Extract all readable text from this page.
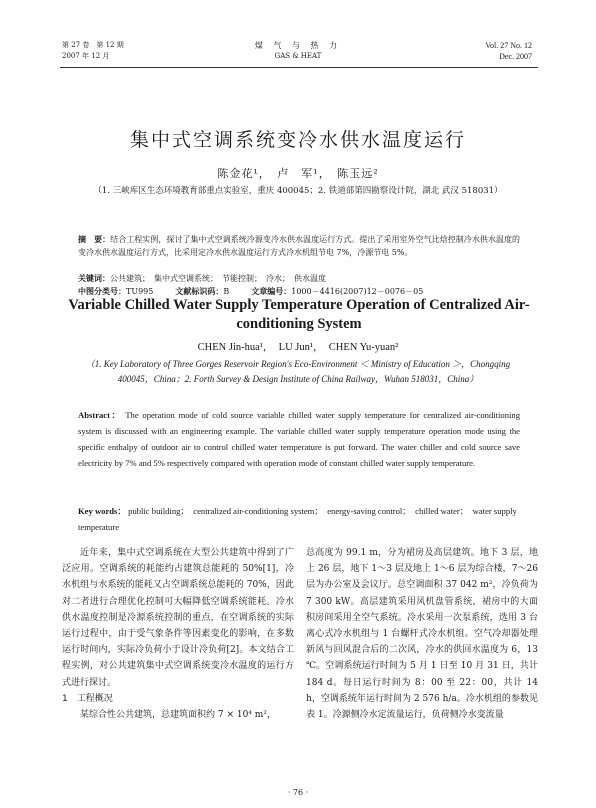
第 27 卷　第 12 期
2007 年 12 月
煤 气 与 热 力
GAS & HEAT
Vol. 27 No. 12
Dec. 2007
集中式空调系统变冷水供水温度运行
陈金花¹，　卢　军¹，　陈玉远²
（1. 三峡库区生态环境教育部重点实验室，重庆 400045；2. 铁道部第四勘察设计院，湖北 武汉 518031）
摘　要：结合工程实例，探讨了集中式空调系统冷源变冷水供水温度运行方式。提出了采用室外空气比焓控制冷水供水温度的变冷水供水温度运行方式，比采用定冷水供水温度运行方式冷水机组节电 7%，冷源节电 5%。
关键词：公共建筑；　集中式空调系统；　节能控制；　冷水；　供水温度
中图分类号：TU995	文献标识码：B	文章编号：1000－4416(2007)12－0076－05
Variable Chilled Water Supply Temperature Operation of Centralized Air-conditioning System
CHEN Jin-hua¹，　LU Jun¹，　CHEN Yu-yuan²
（1. Key Laboratory of Three Gorges Reservoir Region's Eco-Environment ＜ Ministry of Education ＞，Chongqing 400045，China；2. Forth Survey & Design Institute of China Railway，Wuhan 518031，China）
Abstract： The operation mode of cold source variable chilled water supply temperature for centralized air-conditioning system is discussed with an engineering example. The variable chilled water supply temperature operation mode using the specific enthalpy of outdoor air to control chilled water temperature is put forward. The water chiller and cold source save electricity by 7% and 5% respectively compared with operation mode of constant chilled water supply temperature.
Key words： public building；　centralized air-conditioning system；　energy-saving control；　chilled water；　water supply temperature

近年来，集中式空调系统在大型公共建筑中得到了广泛应用。空调系统的耗能约占建筑总能耗的 50%[1]，冷水机组与水系统的能耗又占空调系统总能耗的 70%，因此对二者进行合理优化控制可大幅降低空调系统能耗。冷水供水温度控制是冷源系统控制的重点，在空调系统的实际运行过程中，由于受气象条件等因素变化的影响，在多数运行时间内，实际冷负荷小于设计冷负荷[2]。本文结合工程实例，对公共建筑集中式空调系统变冷水温度的运行方式进行探讨。

1　工程概况

某综合性公共建筑，总建筑面积约 7 × 10⁴ m²，

总高度为 99.1 m，分为裙房及高层建筑。地下 3 层，地上 26 层，地下 1～3 层及地上 1～6 层为综合楼，7～26 层为办公室及会议厅。总空调面积 37 042 m²，冷负荷为 7 300 kW。高层建筑采用风机盘管系统，裙房中的大面积房间采用全空气系统。冷水采用一次泵系统，选用 3 台离心式冷水机组与 1 台螺杆式冷水机组。空气冷却器处理新风与回风混合后的二次风，冷水的供回水温度为 6，13 ℃。空调系统运行时间为 5 月 1 日至 10 月 31 日，共计 184 d。每日运行时间为 8：00 至 22：00，共计 14 h，空调系统年运行时间为 2 576 h/a。冷水机组的参数见表 1。冷源侧冷水定流量运行，负荷侧冷水变流量

· 76 ·
